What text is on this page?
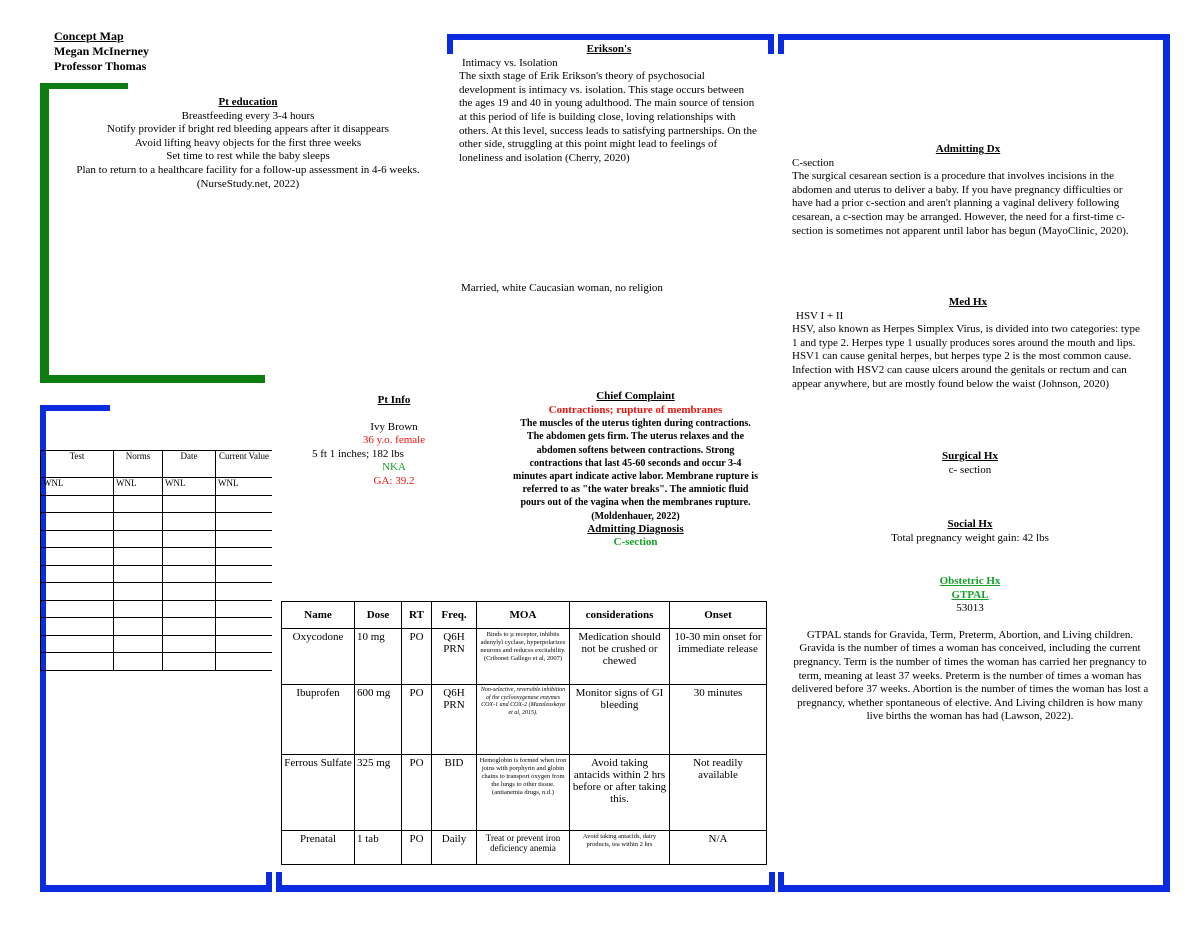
Concept Map
Megan McInerney
Professor Thomas
Pt education
Breastfeeding every 3-4 hours
Notify provider if bright red bleeding appears after it disappears
Avoid lifting heavy objects for the first three weeks
Set time to rest while the baby sleeps
Plan to return to a healthcare facility for a follow-up assessment in 4-6 weeks.
(NurseStudy.net, 2022)
Erikson's
Intimacy vs. Isolation
The sixth stage of Erik Erikson's theory of psychosocial development is intimacy vs. isolation. This stage occurs between the ages 19 and 40 in young adulthood. The main source of tension at this period of life is building close, loving relationships with others. At this level, success leads to satisfying partnerships. On the other side, struggling at this point might lead to feelings of loneliness and isolation (Cherry, 2020)
Married, white Caucasian woman, no religion
Admitting Dx
C-section
The surgical cesarean section is a procedure that involves incisions in the abdomen and uterus to deliver a baby. If you have pregnancy difficulties or have had a prior c-section and aren't planning a vaginal delivery following cesarean, a c-section may be arranged. However, the need for a first-time c-section is sometimes not apparent until labor has begun (MayoClinic, 2020).
Med Hx
HSV I + II
HSV, also known as Herpes Simplex Virus, is divided into two categories: type 1 and type 2. Herpes type 1 usually produces sores around the mouth and lips. HSV1 can cause genital herpes, but herpes type 2 is the most common cause. Infection with HSV2 can cause ulcers around the genitals or rectum and can appear anywhere, but are mostly found below the waist (Johnson, 2020)
Surgical Hx
c- section
Social Hx
Total pregnancy weight gain: 42 lbs
Obstetric Hx
GTPAL
53013
GTPAL stands for Gravida, Term, Preterm, Abortion, and Living children. Gravida is the number of times a woman has conceived, including the current pregnancy. Term is the number of times the woman has carried her pregnancy to term, meaning at least 37 weeks. Preterm is the number of times a woman has delivered before 37 weeks. Abortion is the number of times the woman has lost a pregnancy, whether spontaneous of elective. And Living children is how many live births the woman has had (Lawson, 2022).
Pt Info
Ivy Brown
36 y.o. female
5 ft 1 inches; 182 lbs
NKA
GA: 39.2
Chief Complaint
Contractions; rupture of membranes
The muscles of the uterus tighten during contractions. The abdomen gets firm. The uterus relaxes and the abdomen softens between contractions. Strong contractions that last 45-60 seconds and occur 3-4 minutes apart indicate active labor. Membrane rupture is referred to as "the water breaks". The amniotic fluid pours out of the vagina when the membranes rupture. (Moldenhauer, 2022)
Admitting Diagnosis
C-section
Test	Norms	Date	Current Value
WNL	WNL	WNL	WNL

Name	Dose	RT	Freq.	MOA	considerations	Onset
Oxycodone	10 mg	PO	Q6H PRN	Binds to µ receptor, inhibits adenylyl cyclase, hyperpolarizes neurons and reduces excitability. (Cribonet Gallego et al, 2007)	Medication should not be crushed or chewed	10-30 min onset for immediate release
Ibuprofen	600 mg	PO	Q6H PRN	Non-selective, reversible inhibition of the cyclooxygenase enzymes COX-1 and COX-2 (Mazaleuskaya et al, 2015).	Monitor signs of GI bleeding	30 minutes
Ferrous Sulfate	325 mg	PO	BID	Hemoglobin is formed when iron joins with porphyrin and globin chains to transport oxygen from the lungs to other tissue. (antianemia drugs, n.d.)	Avoid taking antacids within 2 hrs before or after taking this.	Not readily available
Prenatal	1 tab	PO	Daily	Treat or prevent iron deficiency anemia	Avoid taking antacids, dairy products, tea within 2 hrs	N/A
